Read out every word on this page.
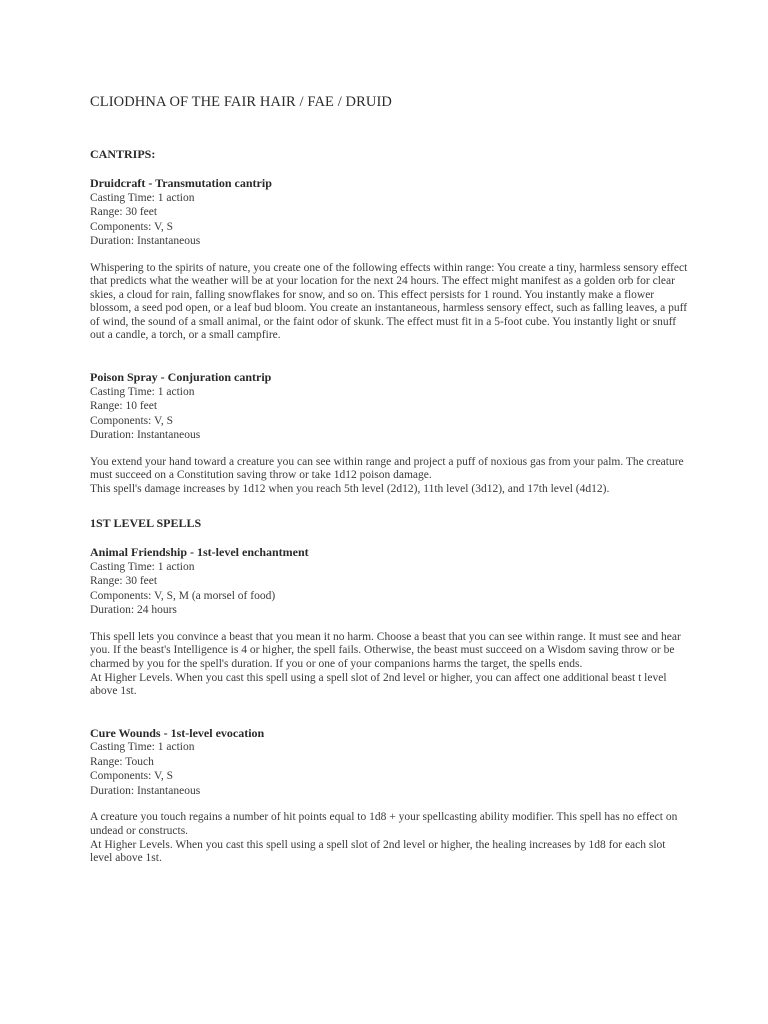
CLIODHNA OF THE FAIR HAIR / FAE / DRUID
CANTRIPS:
Druidcraft - Transmutation cantrip
Casting Time: 1 action
Range: 30 feet
Components: V, S
Duration: Instantaneous

Whispering to the spirits of nature, you create one of the following effects within range: You create a tiny, harmless sensory effect that predicts what the weather will be at your location for the next 24 hours. The effect might manifest as a golden orb for clear skies, a cloud for rain, falling snowflakes for snow, and so on. This effect persists for 1 round. You instantly make a flower blossom, a seed pod open, or a leaf bud bloom. You create an instantaneous, harmless sensory effect, such as falling leaves, a puff of wind, the sound of a small animal, or the faint odor of skunk. The effect must fit in a 5-foot cube. You instantly light or snuff out a candle, a torch, or a small campfire.

Poison Spray - Conjuration cantrip
Casting Time: 1 action
Range: 10 feet
Components: V, S
Duration: Instantaneous

You extend your hand toward a creature you can see within range and project a puff of noxious gas from your palm. The creature must succeed on a Constitution saving throw or take 1d12 poison damage.

This spell's damage increases by 1d12 when you reach 5th level (2d12), 11th level (3d12), and 17th level (4d12).

1ST LEVEL SPELLS
Animal Friendship - 1st-level enchantment
Casting Time: 1 action
Range: 30 feet
Components: V, S, M (a morsel of food)
Duration: 24 hours

This spell lets you convince a beast that you mean it no harm. Choose a beast that you can see within range. It must see and hear you. If the beast's Intelligence is 4 or higher, the spell fails. Otherwise, the beast must succeed on a Wisdom saving throw or be charmed by you for the spell's duration. If you or one of your companions harms the target, the spells ends.

At Higher Levels. When you cast this spell using a spell slot of 2nd level or higher, you can affect one additional beast t level above 1st.

Cure Wounds - 1st-level evocation
Casting Time: 1 action
Range: Touch
Components: V, S
Duration: Instantaneous

A creature you touch regains a number of hit points equal to 1d8 + your spellcasting ability modifier. This spell has no effect on undead or constructs.

At Higher Levels. When you cast this spell using a spell slot of 2nd level or higher, the healing increases by 1d8 for each slot level above 1st.
